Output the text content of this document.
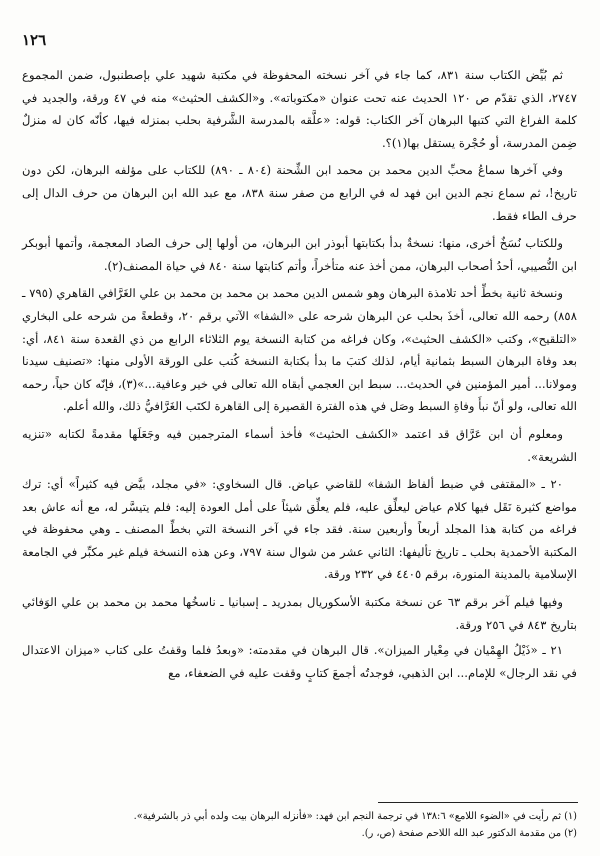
١٢٦

ثم بُيِّض الكتاب سنة ٨٣١، كما جاء في آخر نسخته المحفوظة في مكتبة شهيد علي بإصطنبول، ضمن المجموع ٢٧٤٧، الذي تقدّم ص ١٢٠ الحديث عنه تحت عنوان «مكتوباته». و«الكشف الحثيث» منه في ٤٧ ورقة، والجديد في كلمة الفراغ التي كتبها البرهان آخر الكتاب: قوله: «علَّقه بالمدرسة الشَّرفية بحلب بمنزله فيها، كأنّه كان له منزلٌ ضِمن المدرسة، أو حُجْرة يستقل بها(١)؟.

وفي آخرها سماعُ محبِّ الدين محمد بن محمد ابن الشِّحنة (٨٠٤ ـ ٨٩٠) للكتاب على مؤلفه البرهان، لكن دون تاريخ!، ثم سماع نجم الدين ابن فهد له في الرابع من صفر سنة ٨٣٨، مع عبد الله ابن البرهان من حرف الدال إلى حرف الطاء فقط.

وللكتاب نُسَخٌ أخرى، منها: نسخةٌ بدأ بكتابتها أبوذر ابن البرهان، من أولها إلى حرف الصاد المعجمة، وأتمها أبوبكر ابن النُّصيبي، أحدُ أصحاب البرهان، ممن أخذ عنه متأخراً، وأتم كتابتها سنة ٨٤٠ في حياة المصنف(٢).

ونسخة ثانية بخطِّ أحد تلامذة البرهان وهو شمس الدين محمد بن محمد بن محمد بن علي الغَرَّافي القاهري (٧٩٥ ـ ٨٥٨) رحمه الله تعالى، أخذَ بحلب عن البرهان شرحه على «الشفا» الآتي برقم ٢٠، وقطعةً من شرحه على البخاري «التلقيح»، وكتب «الكشف الحثيث»، وكان فراغه من كتابة النسخة يوم الثلاثاء الرابع من ذي القعدة سنة ٨٤١، أي: بعد وفاة البرهان السبط بثمانية أيام، لذلك كتبَ ما بدأ بكتابة النسخة كُتب على الورقة الأولى منها: «تصنيف سيدنا ومولانا... أمير المؤمنين في الحديث... سبط ابن العجمي أبقاه الله تعالى في خير وعافية...»(٣)، فإنّه كان حياً، رحمه الله تعالى، ولو أنّ نبأَ وفاةِ السبط وصَل في هذه الفترة القصيرة إلى القاهرة لكتَب الغَرَّافيُّ ذلك، والله أعلم.

ومعلوم أن ابن عَرَّاق قد اعتمد «الكشف الحثيث» فأخذ أسماء المترجمين فيه وجَعَلَها مقدمةً لكتابه «تنزيه الشريعة».

٢٠ ـ «المقتفى في ضبط ألفاظ الشفا» للقاضي عياض. قال السخاوي: «في مجلد، بيَّض فيه كثيراً» أي: ترك مواضع كثيرة نَقَل فيها كلام عياض ليعلِّق عليه، فلم يعلِّق شيئاً على أمل العودة إليه: فلم يتيسَّر له، مع أنه عاش بعد فراغه من كتابة هذا المجلد أربعاً وأربعين سنة. فقد جاء في آخر النسخة التي بخطِّ المصنف ـ وهي محفوظة في المكتبة الأحمدية بحلب ـ تاريخ تأليفها: الثاني عشر من شوال سنة ٧٩٧، وعن هذه النسخة فيلم غير مكبِّر في الجامعة الإسلامية بالمدينة المنورة، برقم ٤٤٠٥ في ٢٣٢ ورقة.

وفيها فيلم آخر برقم ٦٣ عن نسخة مكتبة الأسكوريال بمدريد ـ إسبانيا ـ ناسخُها محمد بن محمد بن علي الوَفائي بتاريخ ٨٤٣ في ٢٥٦ ورقة.

٢١ ـ «ذَيْلُ الهِمْيان في مِعْيار الميزان». قال البرهان في مقدمته: «وبعدُ فلما وقفتُ على كتاب «ميزان الاعتدال في نقد الرجال» للإمام... ابن الذهبي، فوجدتُه أجمعَ كتابٍ وقفت عليه في الضعفاء، مع

(١) ثم رأيت في «الضوء اللامع» ١٣٨:٦ في ترجمة النجم ابن فهد: «فأنزله البرهان بيت ولده أبي ذر بالشرفية».
(٢) من مقدمة الدكتور عبد الله اللاحم صفحة (ص، ر).
